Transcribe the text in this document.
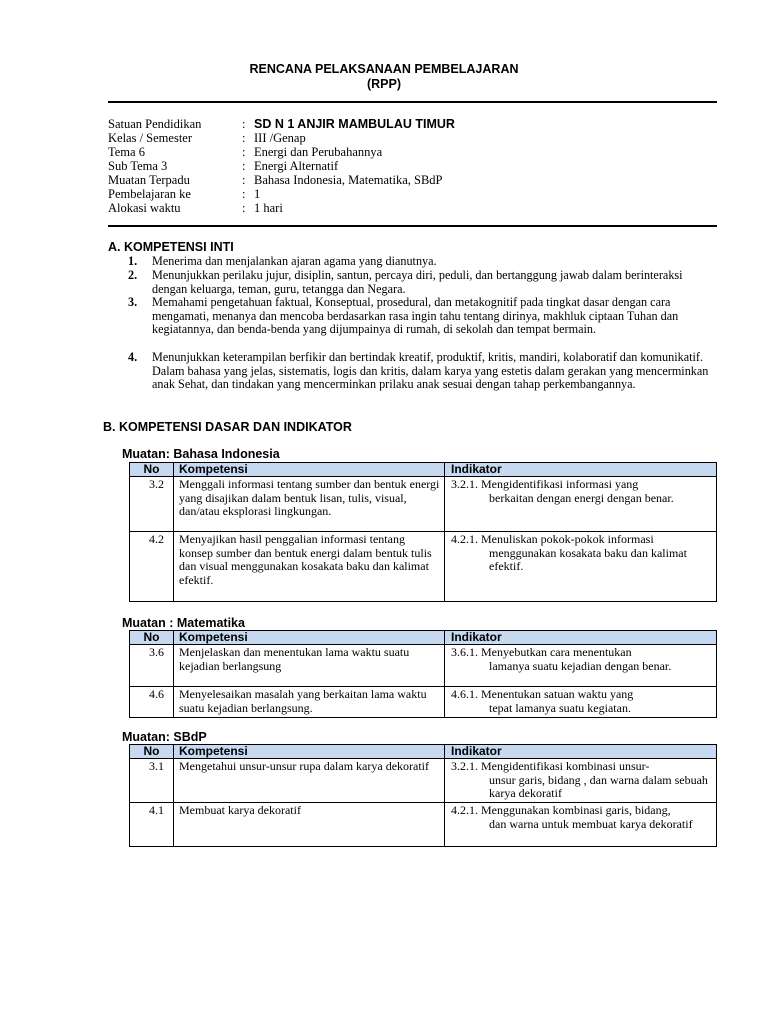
RENCANA PELAKSANAAN PEMBELAJARAN
(RPP)
Satuan Pendidikan	: SD N 1 ANJIR MAMBULAU TIMUR
Kelas / Semester	: III /Genap
Tema 6	: Energi dan Perubahannya
Sub Tema 3	: Energi Alternatif
Muatan Terpadu	: Bahasa Indonesia, Matematika, SBdP
Pembelajaran ke	: 1
Alokasi waktu	: 1 hari
A. KOMPETENSI INTI
1. Menerima dan menjalankan ajaran agama yang dianutnya.
2. Menunjukkan perilaku jujur, disiplin, santun, percaya diri, peduli, dan bertanggung jawab dalam berinteraksi dengan keluarga, teman, guru, tetangga dan Negara.
3. Memahami pengetahuan faktual, Konseptual, prosedural, dan metakognitif pada tingkat dasar dengan cara mengamati, menanya dan mencoba berdasarkan rasa ingin tahu tentang dirinya, makhluk ciptaan Tuhan dan kegiatannya, dan benda-benda yang dijumpainya di rumah, di sekolah dan tempat bermain.
4. Menunjukkan keterampilan berfikir dan bertindak kreatif, produktif, kritis, mandiri, kolaboratif dan komunikatif. Dalam bahasa yang jelas, sistematis, logis dan kritis, dalam karya yang estetis dalam gerakan yang mencerminkan anak Sehat, dan tindakan yang mencerminkan prilaku anak sesuai dengan tahap perkembangannya.
B. KOMPETENSI DASAR DAN INDIKATOR
Muatan: Bahasa Indonesia
No	Kompetensi	Indikator
3.2	Menggali informasi tentang sumber dan bentuk energi yang disajikan dalam bentuk lisan, tulis, visual, dan/atau eksplorasi lingkungan.	3.2.1. Mengidentifikasi informasi yang
berkaitan dengan energi dengan benar.

4.2	Menyajikan hasil penggalian informasi tentang konsep sumber dan bentuk energi dalam bentuk tulis dan visual menggunakan kosakata baku dan kalimat efektif.	4.2.1. Menuliskan pokok-pokok informasi
menggunakan kosakata baku dan kalimat efektif.
Muatan : Matematika
No	Kompetensi	Indikator
3.6	Menjelaskan dan menentukan lama waktu suatu kejadian berlangsung	3.6.1. Menyebutkan cara menentukan
lamanya suatu kejadian dengan benar.

4.6	Menyelesaikan masalah yang berkaitan lama waktu suatu kejadian berlangsung.	4.6.1. Menentukan satuan waktu yang
tepat lamanya suatu kegiatan.
Muatan: SBdP
No	Kompetensi	Indikator
3.1	Mengetahui unsur-unsur rupa dalam karya dekoratif	3.2.1. Mengidentifikasi kombinasi unsur-
unsur garis, bidang , dan warna dalam sebuah karya dekoratif

4.1	Membuat karya dekoratif	4.2.1. Menggunakan kombinasi garis, bidang,
dan warna untuk membuat karya dekoratif
